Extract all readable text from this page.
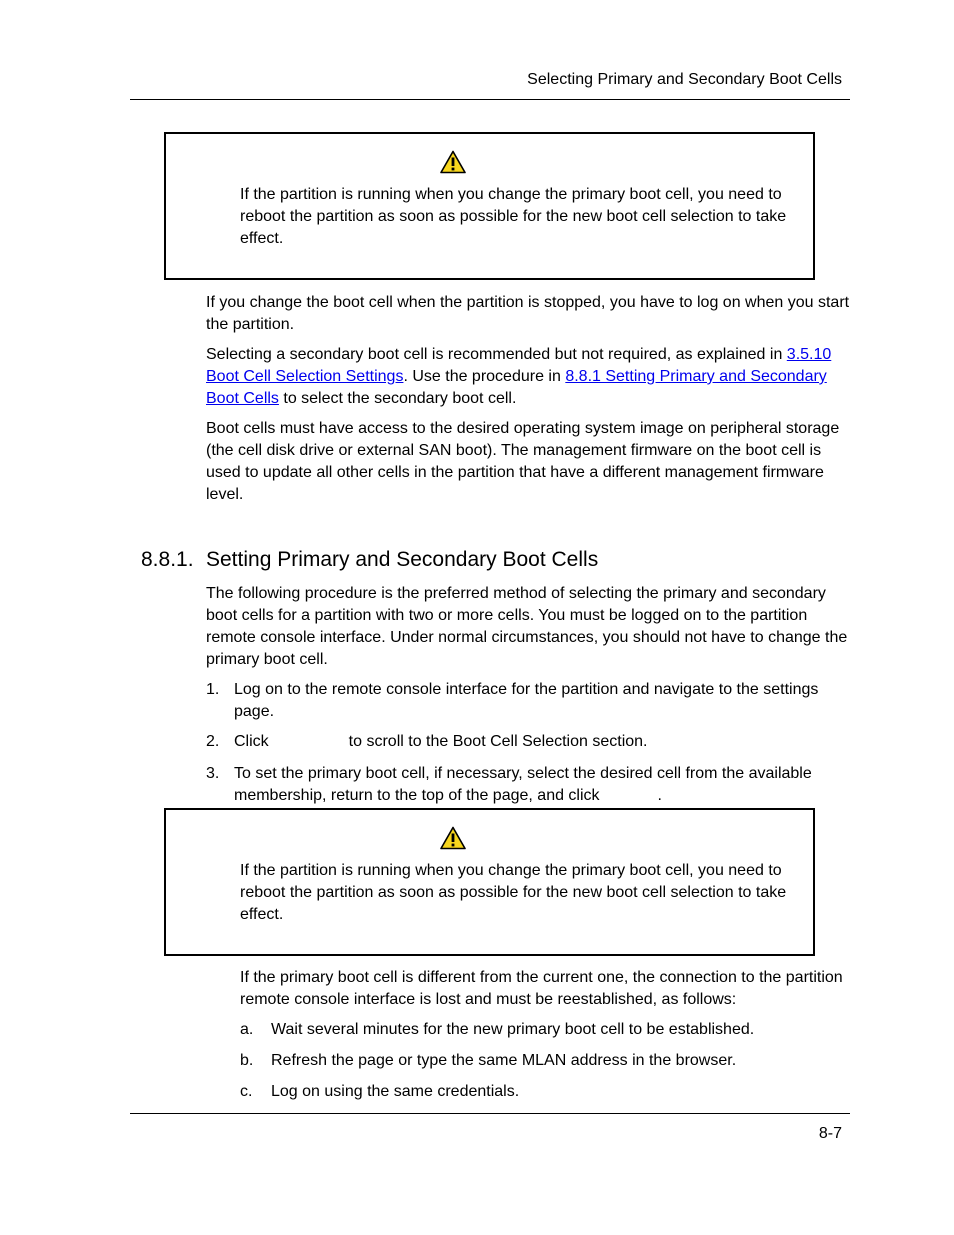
Selecting Primary and Secondary Boot Cells
If the partition is running when you change the primary boot cell, you need to reboot the partition as soon as possible for the new boot cell selection to take effect.
If you change the boot cell when the partition is stopped, you have to log on when you start the partition.
Selecting a secondary boot cell is recommended but not required, as explained in 3.5.10 Boot Cell Selection Settings. Use the procedure in 8.8.1 Setting Primary and Secondary Boot Cells to select the secondary boot cell.
Boot cells must have access to the desired operating system image on peripheral storage (the cell disk drive or external SAN boot). The management firmware on the boot cell is used to update all other cells in the partition that have a different management firmware level.
8.8.1. Setting Primary and Secondary Boot Cells
The following procedure is the preferred method of selecting the primary and secondary boot cells for a partition with two or more cells. You must be logged on to the partition remote console interface. Under normal circumstances, you should not have to change the primary boot cell.
1. Log on to the remote console interface for the partition and navigate to the settings page.
2. Click	to scroll to the Boot Cell Selection section.
3. To set the primary boot cell, if necessary, select the desired cell from the available membership, return to the top of the page, and click	.
If the partition is running when you change the primary boot cell, you need to reboot the partition as soon as possible for the new boot cell selection to take effect.
If the primary boot cell is different from the current one, the connection to the partition remote console interface is lost and must be reestablished, as follows:
a. Wait several minutes for the new primary boot cell to be established.
b. Refresh the page or type the same MLAN address in the browser.
c. Log on using the same credentials.
8-7
